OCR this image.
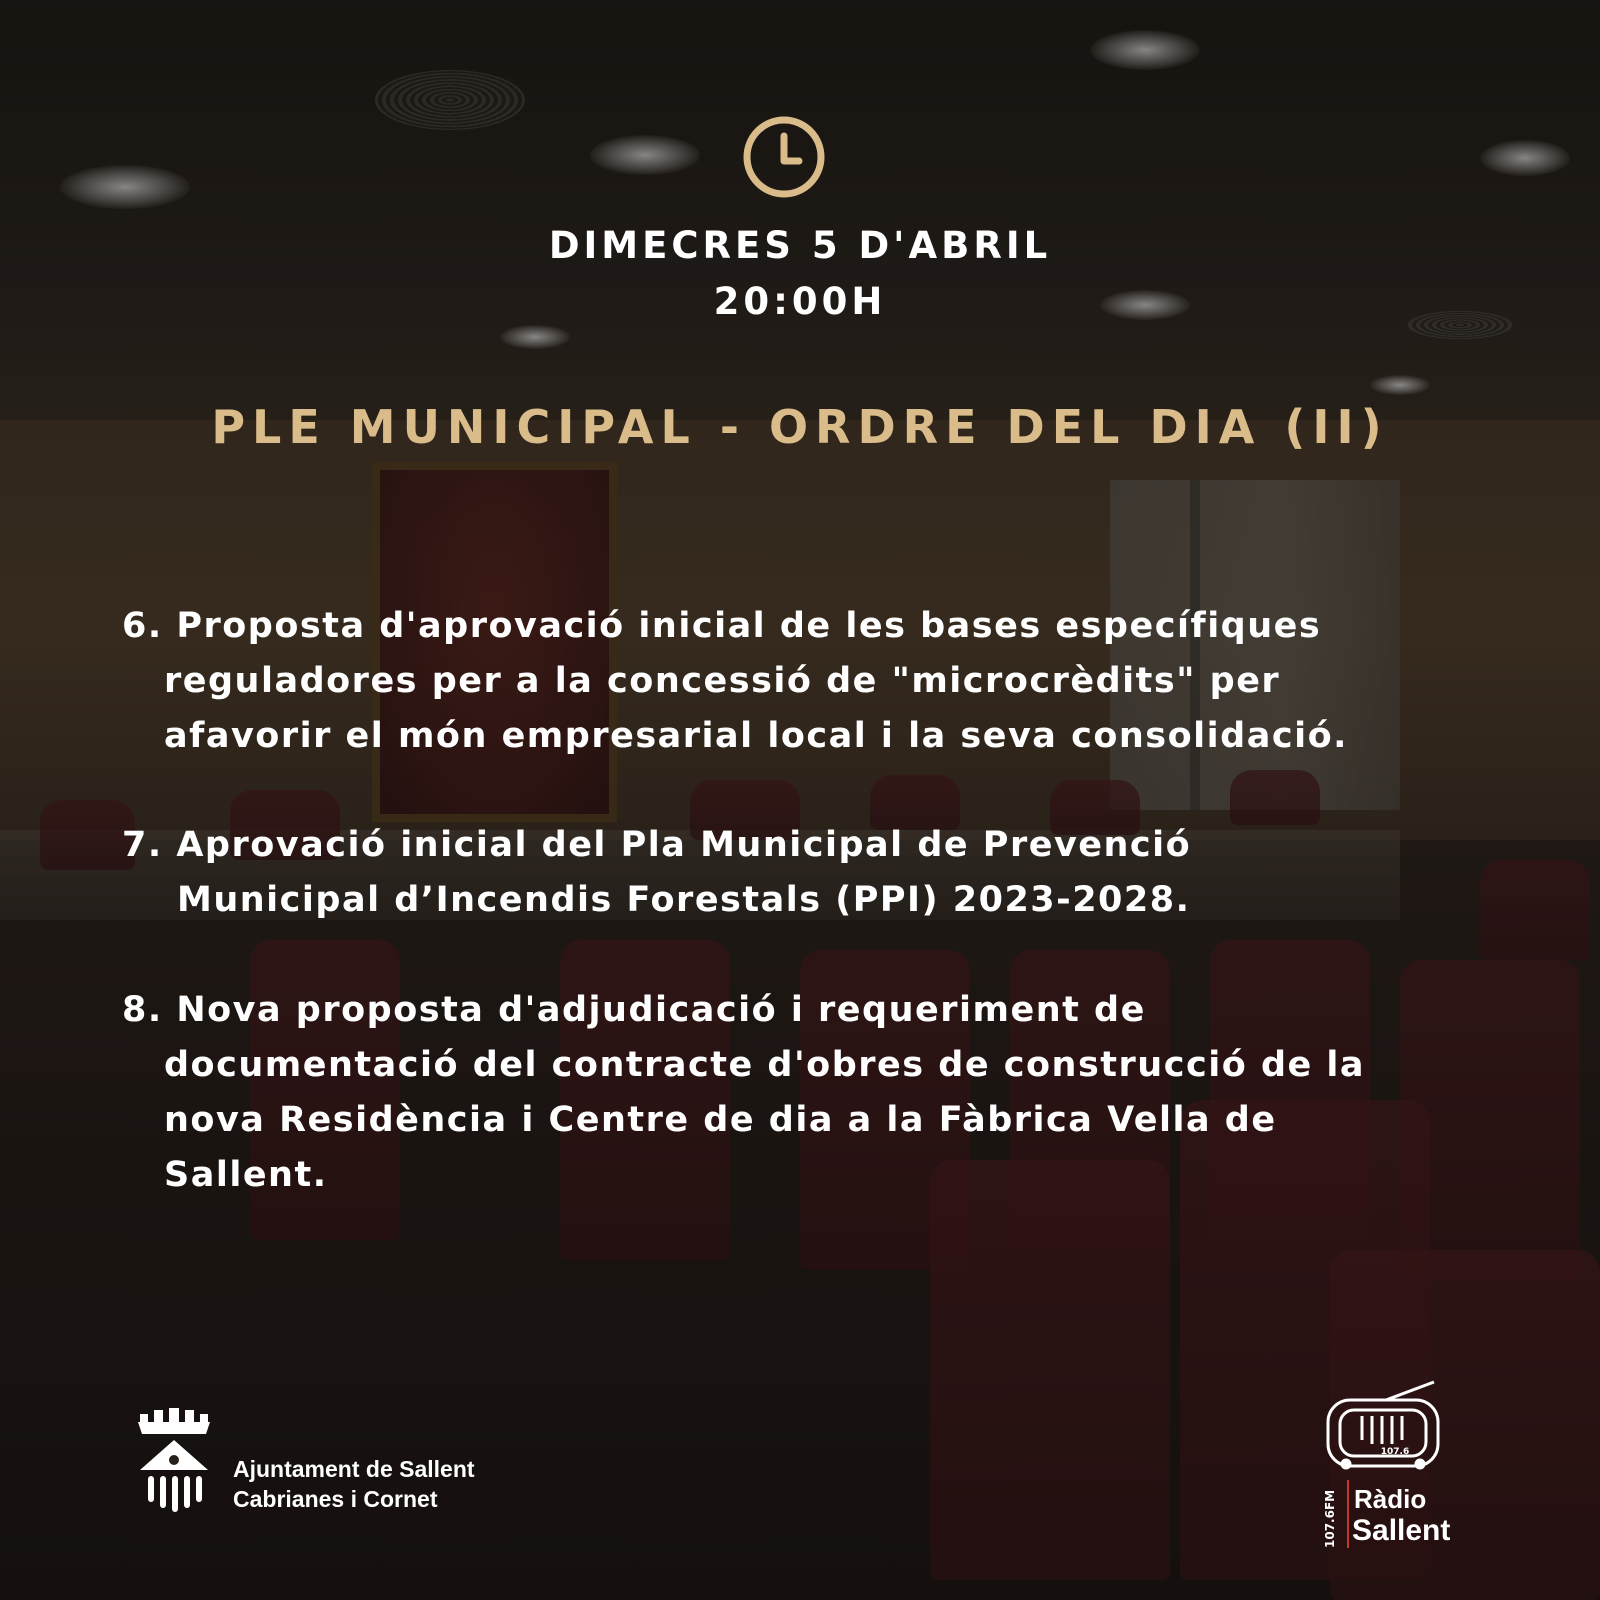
DIMECRES 5 D'ABRIL
20:00H
PLE MUNICIPAL - ORDRE DEL DIA (II)
6. Proposta d'aprovació inicial de les bases específiques
reguladores per a la concessió de "microcrèdits" per
afavorir el món empresarial local i la seva consolidació.
7. Aprovació inicial del Pla Municipal de Prevenció
Municipal d’Incendis Forestals (PPI) 2023-2028.
8. Nova proposta d'adjudicació i requeriment de
documentació del contracte d'obres de construcció de la
nova Residència i Centre de dia a la Fàbrica Vella de
Sallent.
Ajuntament de Sallent
Cabrianes i Cornet
107.6
107.6FM Ràdio
Sallent
